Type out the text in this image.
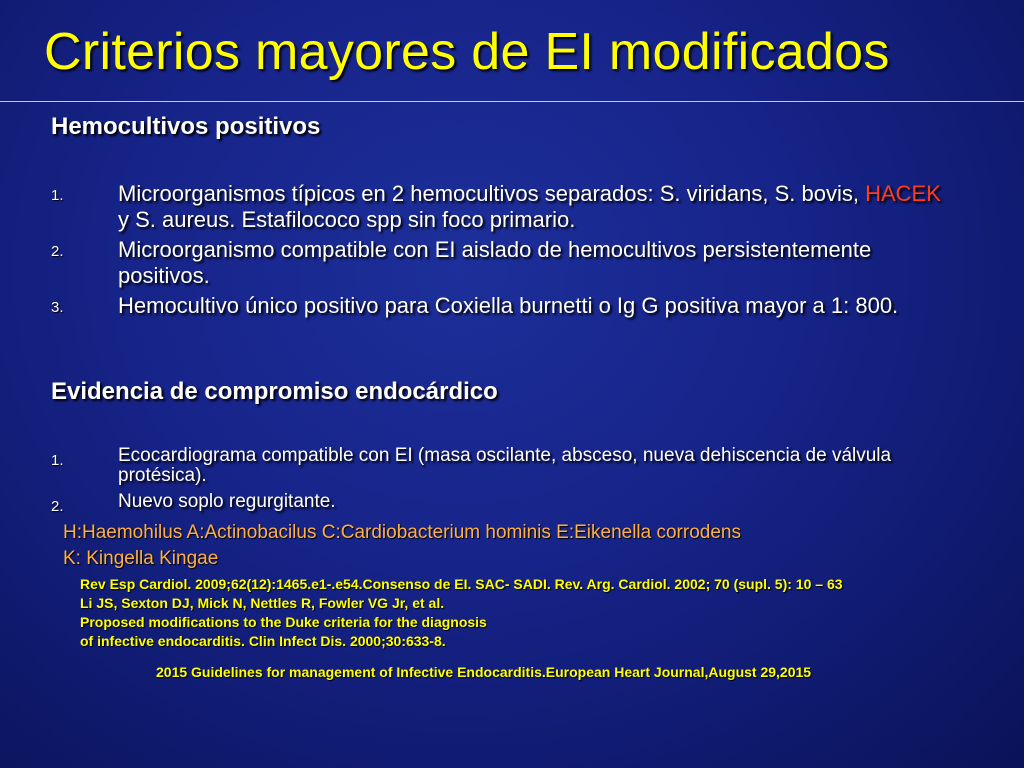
Criterios mayores de EI modificados
Hemocultivos positivos
1. Microorganismos típicos en 2 hemocultivos separados: S. viridans, S. bovis, HACEK y S. aureus. Estafilococo spp sin foco primario.
2. Microorganismo compatible con EI aislado de hemocultivos persistentemente positivos.
3. Hemocultivo único positivo para Coxiella burnetti o Ig G positiva mayor a 1: 800.
Evidencia de compromiso endocárdico
1.	Ecocardiograma compatible con EI (masa oscilante, absceso, nueva dehiscencia de válvula protésica).
2.	Nuevo soplo regurgitante.
H:Haemohilus A:Actinobacilus C:Cardiobacterium hominis E:Eikenella corrodens
K: Kingella Kingae
Rev Esp Cardiol. 2009;62(12):1465.e1-.e54.Consenso de EI. SAC- SADI. Rev. Arg. Cardiol. 2002; 70 (supl. 5): 10 – 63
Li JS, Sexton DJ, Mick N, Nettles R, Fowler VG Jr, et al.
Proposed modifications to the Duke criteria for the diagnosis
of infective endocarditis. Clin Infect Dis. 2000;30:633-8.
2015 Guidelines for management of Infective Endocarditis.European Heart Journal,August 29,2015
